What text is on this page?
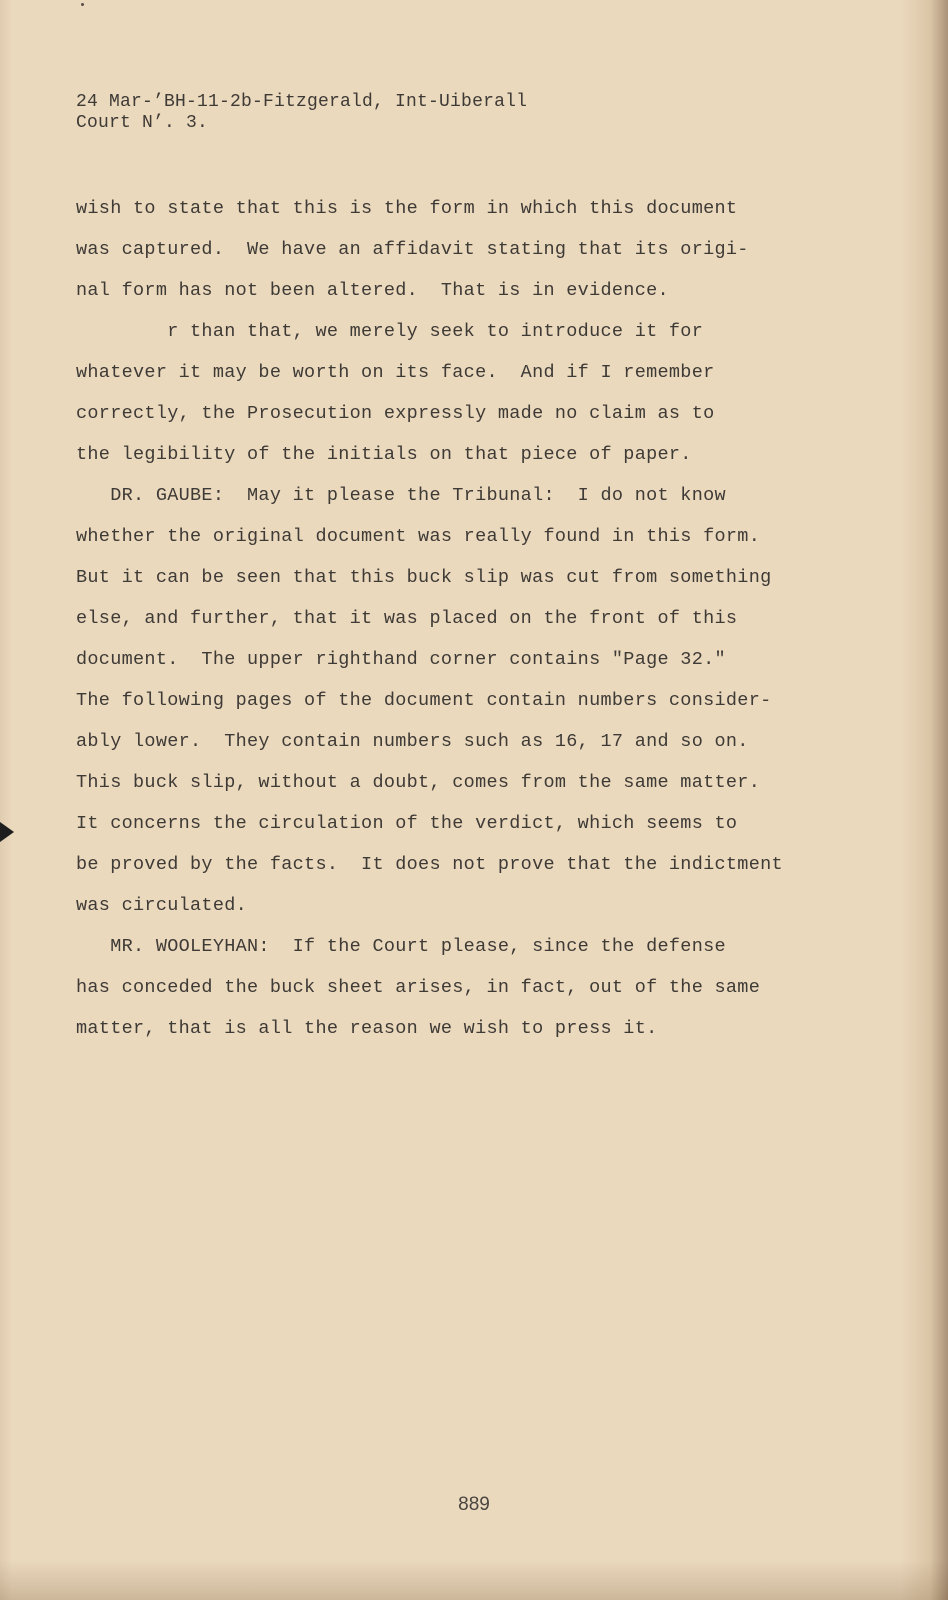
24 Mar-’BH-11-2b-Fitzgerald, Int-Uiberall
Court N’. 3.
wish to state that this is the form in which this document
was captured.  We have an affidavit stating that its origi-
nal form has not been altered.  That is in evidence.
r than that, we merely seek to introduce it for
whatever it may be worth on its face.  And if I remember
correctly, the Prosecution expressly made no claim as to
the legibility of the initials on that piece of paper.
DR. GAUBE:  May it please the Tribunal:  I do not know
whether the original document was really found in this form.
But it can be seen that this buck slip was cut from something
else, and further, that it was placed on the front of this
document.  The upper righthand corner contains "Page 32."
The following pages of the document contain numbers consider-
ably lower.  They contain numbers such as 16, 17 and so on.
This buck slip, without a doubt, comes from the same matter.
It concerns the circulation of the verdict, which seems to
be proved by the facts.  It does not prove that the indictment
was circulated.
MR. WOOLEYHAN:  If the Court please, since the defense
has conceded the buck sheet arises, in fact, out of the same
matter, that is all the reason we wish to press it.
889
